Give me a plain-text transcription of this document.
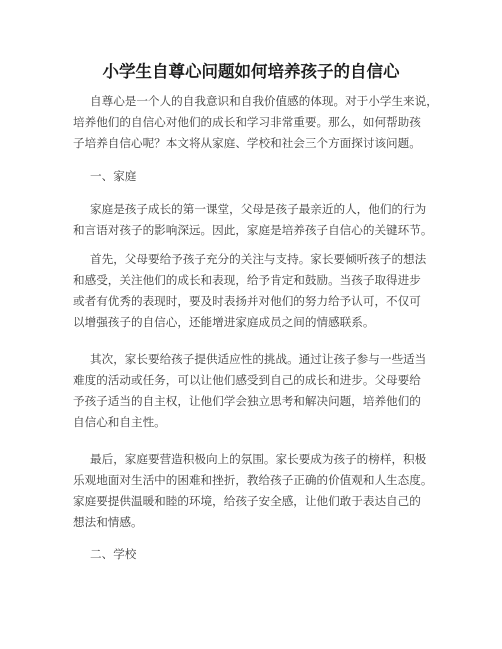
小学生自尊心问题如何培养孩子的自信心
自尊心是一个人的自我意识和自我价值感的体现。对于小学生来说，
培养他们的自信心对他们的成长和学习非常重要。那么，如何帮助孩
子培养自信心呢？本文将从家庭、学校和社会三个方面探讨该问题。
一、家庭
家庭是孩子成长的第一课堂，父母是孩子最亲近的人，他们的行为
和言语对孩子的影响深远。因此，家庭是培养孩子自信心的关键环节。
首先，父母要给予孩子充分的关注与支持。家长要倾听孩子的想法
和感受，关注他们的成长和表现，给予肯定和鼓励。当孩子取得进步
或者有优秀的表现时，要及时表扬并对他们的努力给予认可，不仅可
以增强孩子的自信心，还能增进家庭成员之间的情感联系。
其次，家长要给孩子提供适应性的挑战。通过让孩子参与一些适当
难度的活动或任务，可以让他们感受到自己的成长和进步。父母要给
予孩子适当的自主权，让他们学会独立思考和解决问题，培养他们的
自信心和自主性。
最后，家庭要营造积极向上的氛围。家长要成为孩子的榜样，积极
乐观地面对生活中的困难和挫折，教给孩子正确的价值观和人生态度。
家庭要提供温暖和睦的环境，给孩子安全感，让他们敢于表达自己的
想法和情感。
二、学校
